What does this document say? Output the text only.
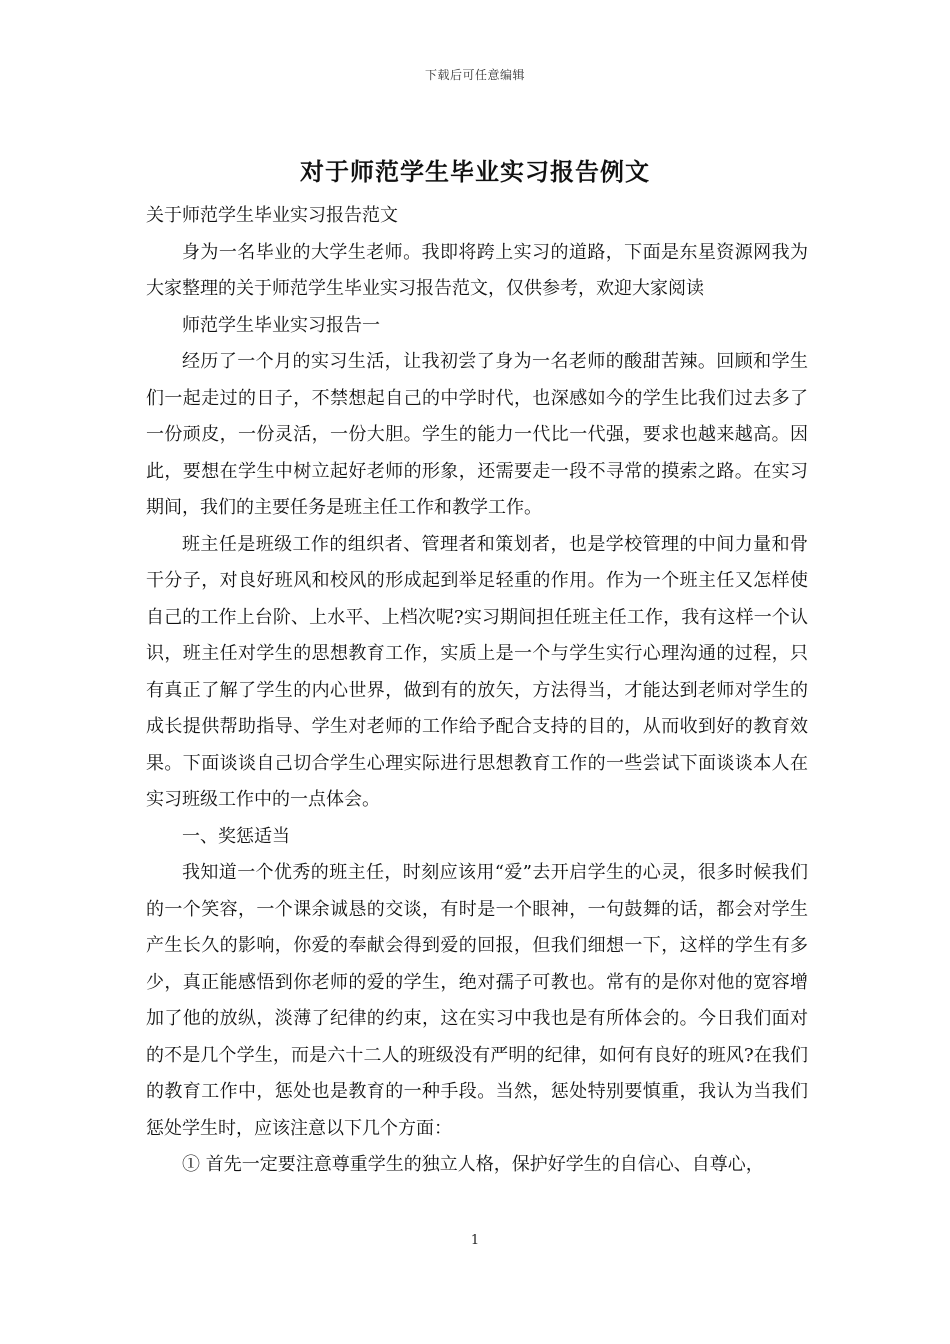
下载后可任意编辑
对于师范学生毕业实习报告例文

关于师范学生毕业实习报告范文

身为一名毕业的大学生老师。我即将跨上实习的道路，下面是东星资源网我为大家整理的关于师范学生毕业实习报告范文，仅供参考，欢迎大家阅读

师范学生毕业实习报告一

经历了一个月的实习生活，让我初尝了身为一名老师的酸甜苦辣。回顾和学生们一起走过的日子，不禁想起自己的中学时代，也深感如今的学生比我们过去多了一份顽皮，一份灵活，一份大胆。学生的能力一代比一代强，要求也越来越高。因此，要想在学生中树立起好老师的形象，还需要走一段不寻常的摸索之路。在实习期间，我们的主要任务是班主任工作和教学工作。

班主任是班级工作的组织者、管理者和策划者，也是学校管理的中间力量和骨干分子，对良好班风和校风的形成起到举足轻重的作用。作为一个班主任又怎样使自己的工作上台阶、上水平、上档次呢?实习期间担任班主任工作，我有这样一个认识，班主任对学生的思想教育工作，实质上是一个与学生实行心理沟通的过程，只有真正了解了学生的内心世界，做到有的放矢，方法得当，才能达到老师对学生的成长提供帮助指导、学生对老师的工作给予配合支持的目的，从而收到好的教育效果。下面谈谈自己切合学生心理实际进行思想教育工作的一些尝试下面谈谈本人在实习班级工作中的一点体会。

一、奖惩适当

我知道一个优秀的班主任，时刻应该用“爱”去开启学生的心灵，很多时候我们的一个笑容，一个课余诚恳的交谈，有时是一个眼神，一句鼓舞的话，都会对学生产生长久的影响，你爱的奉献会得到爱的回报，但我们细想一下，这样的学生有多少，真正能感悟到你老师的爱的学生，绝对孺子可教也。常有的是你对他的宽容增加了他的放纵，淡薄了纪律的约束，这在实习中我也是有所体会的。今日我们面对的不是几个学生，而是六十二人的班级没有严明的纪律，如何有良好的班风?在我们的教育工作中，惩处也是教育的一种手段。当然，惩处特别要慎重，我认为当我们惩处学生时，应该注意以下几个方面：

① 首先一定要注意尊重学生的独立人格，保护好学生的自信心、自尊心，

1
